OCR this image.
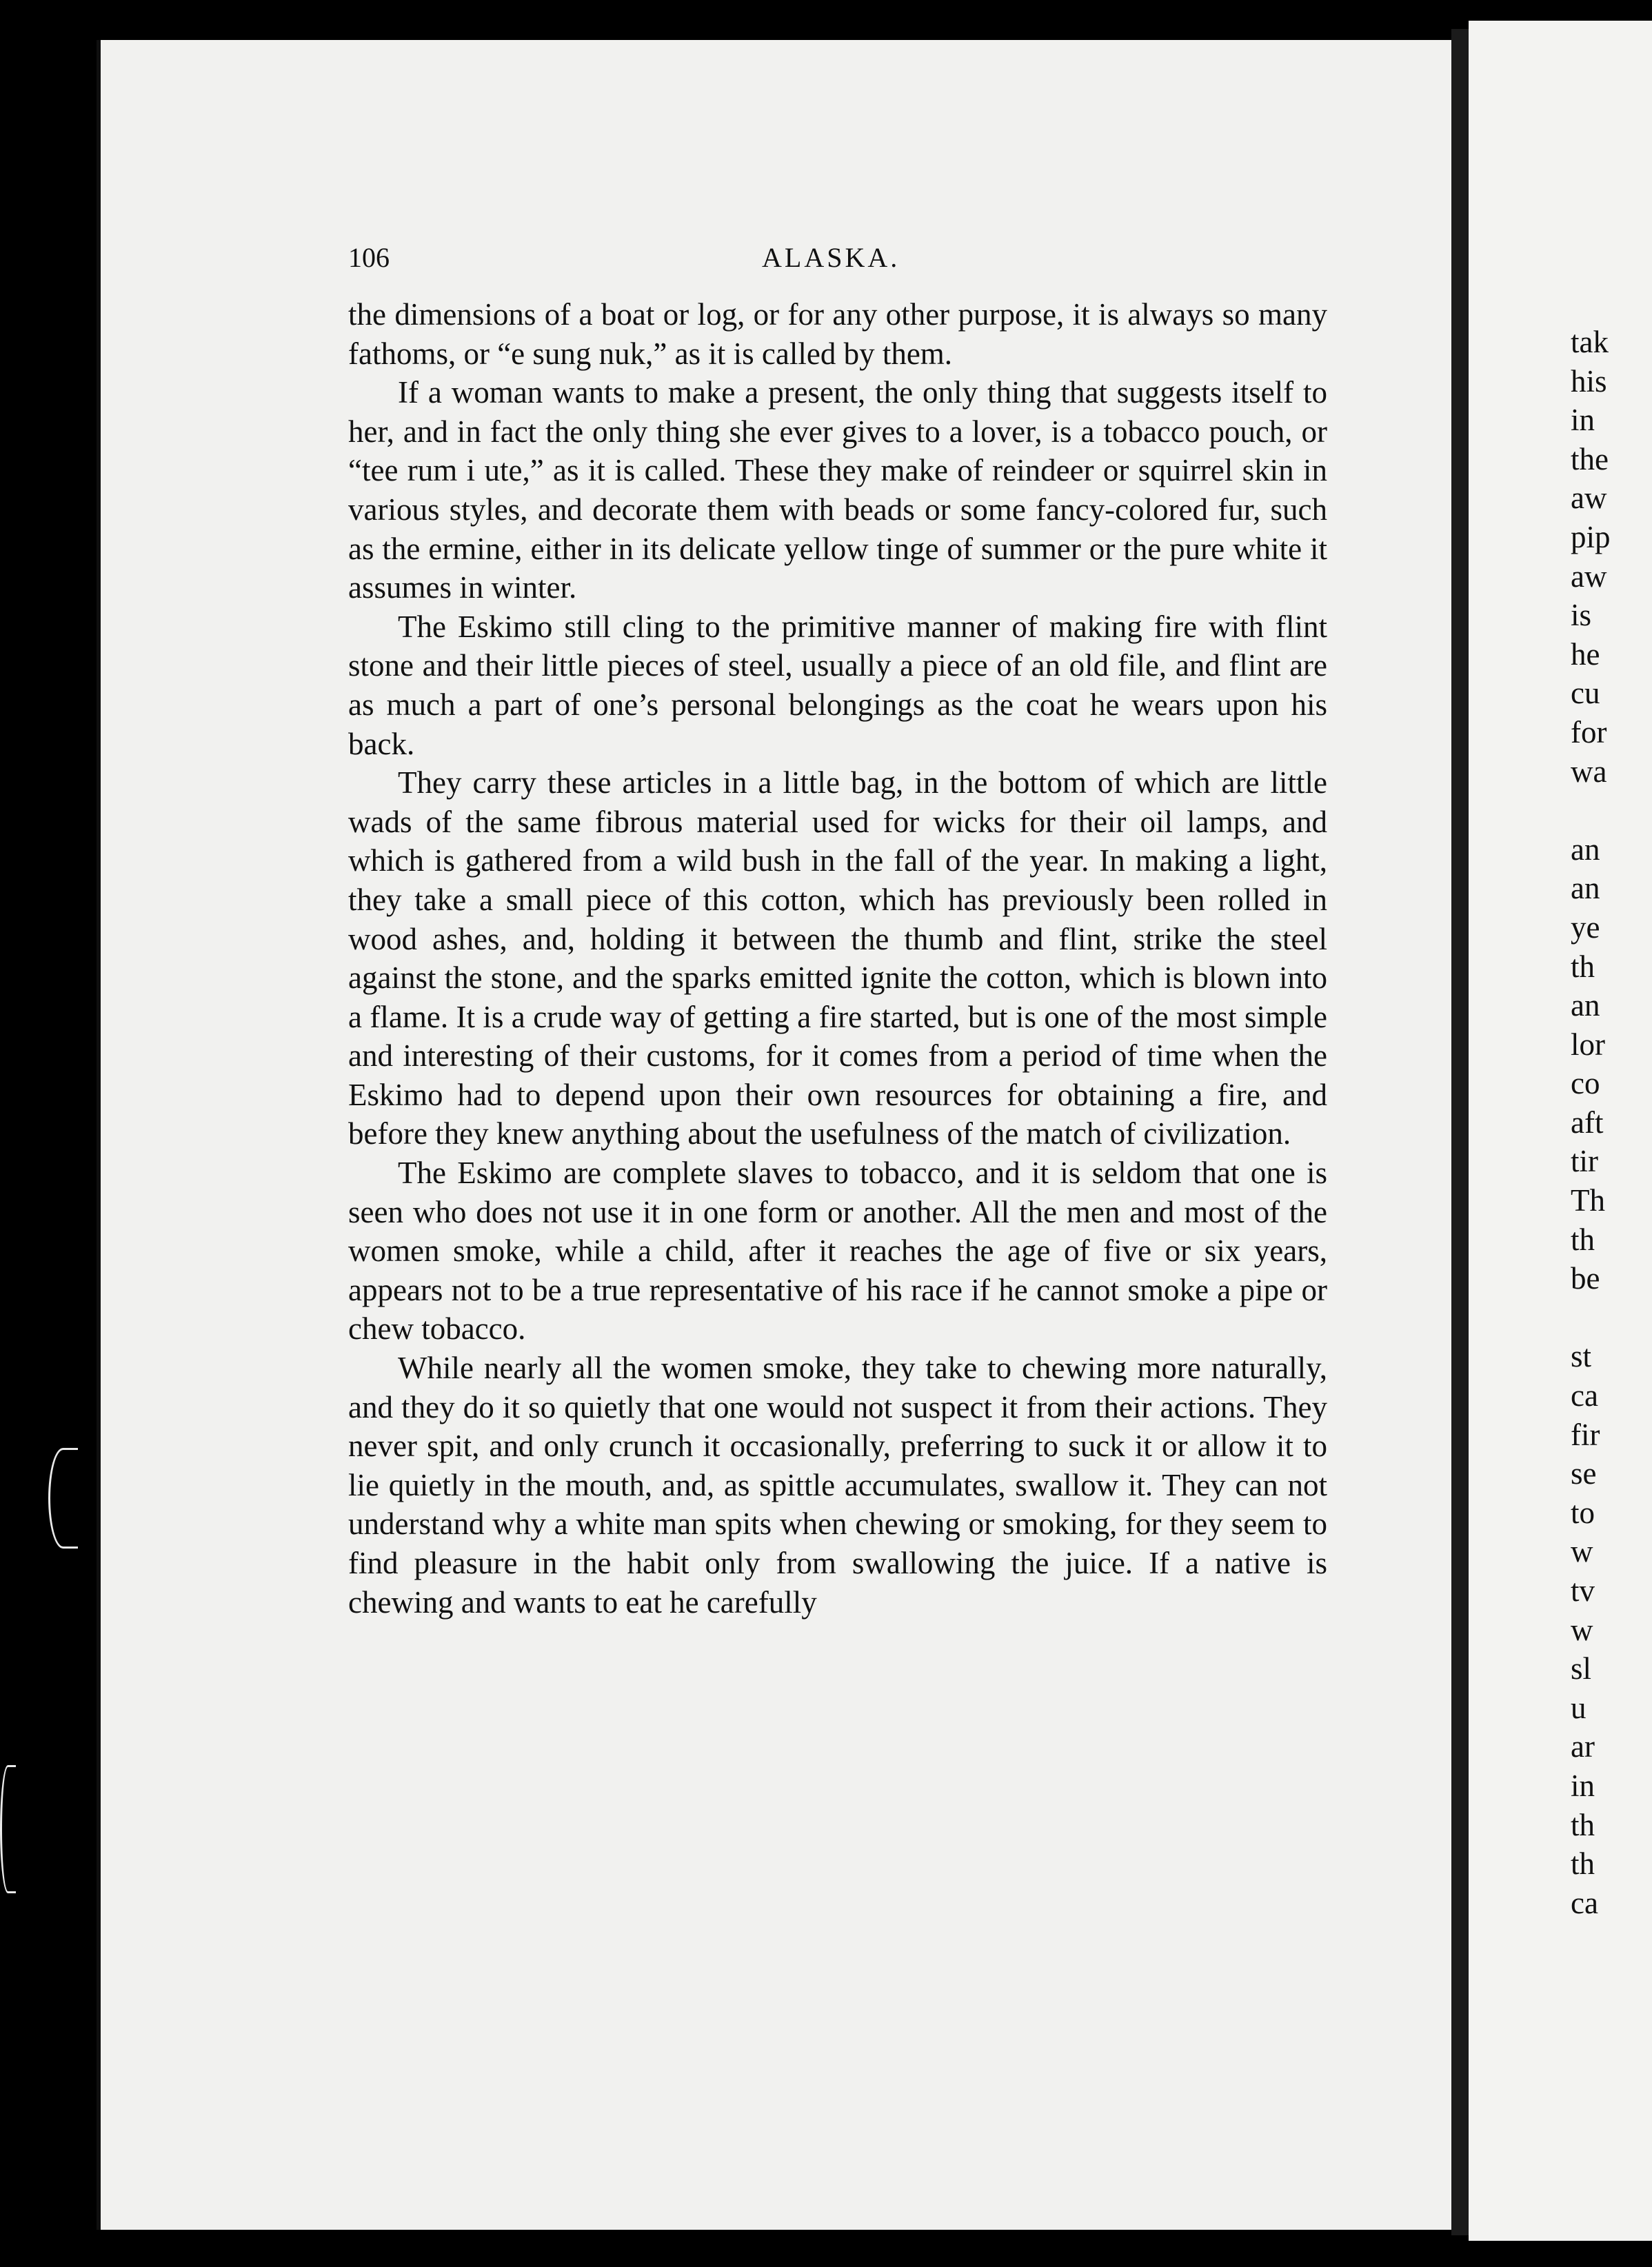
106	ALASKA.

the dimensions of a boat or log, or for any other purpose, it is always so many fathoms, or “e sung nuk,” as it is called by them.

If a woman wants to make a present, the only thing that suggests itself to her, and in fact the only thing she ever gives to a lover, is a tobacco pouch, or “tee rum i ute,” as it is called. These they make of reindeer or squirrel skin in various styles, and decorate them with beads or some fancy-colored fur, such as the ermine, either in its delicate yellow tinge of summer or the pure white it assumes in winter.

The Eskimo still cling to the primitive manner of making fire with flint stone and their little pieces of steel, usually a piece of an old file, and flint are as much a part of one’s personal belongings as the coat he wears upon his back.

They carry these articles in a little bag, in the bottom of which are little wads of the same fibrous material used for wicks for their oil lamps, and which is gathered from a wild bush in the fall of the year. In making a light, they take a small piece of this cotton, which has previously been rolled in wood ashes, and, holding it between the thumb and flint, strike the steel against the stone, and the sparks emitted ignite the cotton, which is blown into a flame. It is a crude way of getting a fire started, but is one of the most simple and interesting of their customs, for it comes from a period of time when the Eskimo had to depend upon their own resources for obtaining a fire, and before they knew anything about the usefulness of the match of civilization.

The Eskimo are complete slaves to tobacco, and it is seldom that one is seen who does not use it in one form or another. All the men and most of the women smoke, while a child, after it reaches the age of five or six years, appears not to be a true representative of his race if he cannot smoke a pipe or chew tobacco.

While nearly all the women smoke, they take to chewing more naturally, and they do it so quietly that one would not suspect it from their actions. They never spit, and only crunch it occasionally, preferring to suck it or allow it to lie quietly in the mouth, and, as spittle accumulates, swallow it. They can not understand why a white man spits when chewing or smoking, for they seem to find pleasure in the habit only from swallowing the juice. If a native is chewing and wants to eat he carefully

tak
his
in
the
aw
pip
aw
is
he
cu
for
wa
an
an
ye
th
an
lor
co
aft
tir
Th
th
be
st
ca
fir
se
to
w
tv
w
sl
u
ar
in
th
th
ca
